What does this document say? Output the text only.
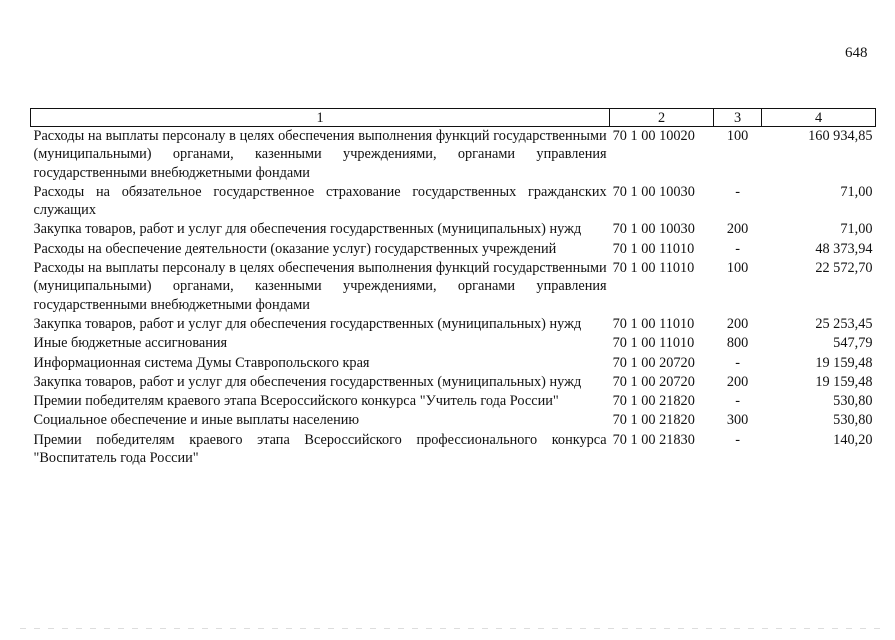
648
1	2	3	4
Расходы на выплаты персоналу в целях обеспечения выполнения функций государственными (муниципальными) органами, казенными учреждениями, органами управления государственными внебюджетными фондами	70 1 00 10020	100	160 934,85
Расходы на обязательное государственное страхование государственных гражданских служащих	70 1 00 10030	-	71,00
Закупка товаров, работ и услуг для обеспечения государственных (муниципальных) нужд	70 1 00 10030	200	71,00
Расходы на обеспечение деятельности (оказание услуг) государственных учреждений	70 1 00 11010	-	48 373,94
Расходы на выплаты персоналу в целях обеспечения выполнения функций государственными (муниципальными) органами, казенными учреждениями, органами управления государственными внебюджетными фондами	70 1 00 11010	100	22 572,70
Закупка товаров, работ и услуг для обеспечения государственных (муниципальных) нужд	70 1 00 11010	200	25 253,45
Иные бюджетные ассигнования	70 1 00 11010	800	547,79
Информационная система Думы Ставропольского края	70 1 00 20720	-	19 159,48
Закупка товаров, работ и услуг для обеспечения государственных (муниципальных) нужд	70 1 00 20720	200	19 159,48
Премии победителям краевого этапа Всероссийского конкурса "Учитель года России"	70 1 00 21820	-	530,80
Социальное обеспечение и иные выплаты населению	70 1 00 21820	300	530,80
Премии победителям краевого этапа Всероссийского профессионального конкурса "Воспитатель года России"	70 1 00 21830	-	140,20
